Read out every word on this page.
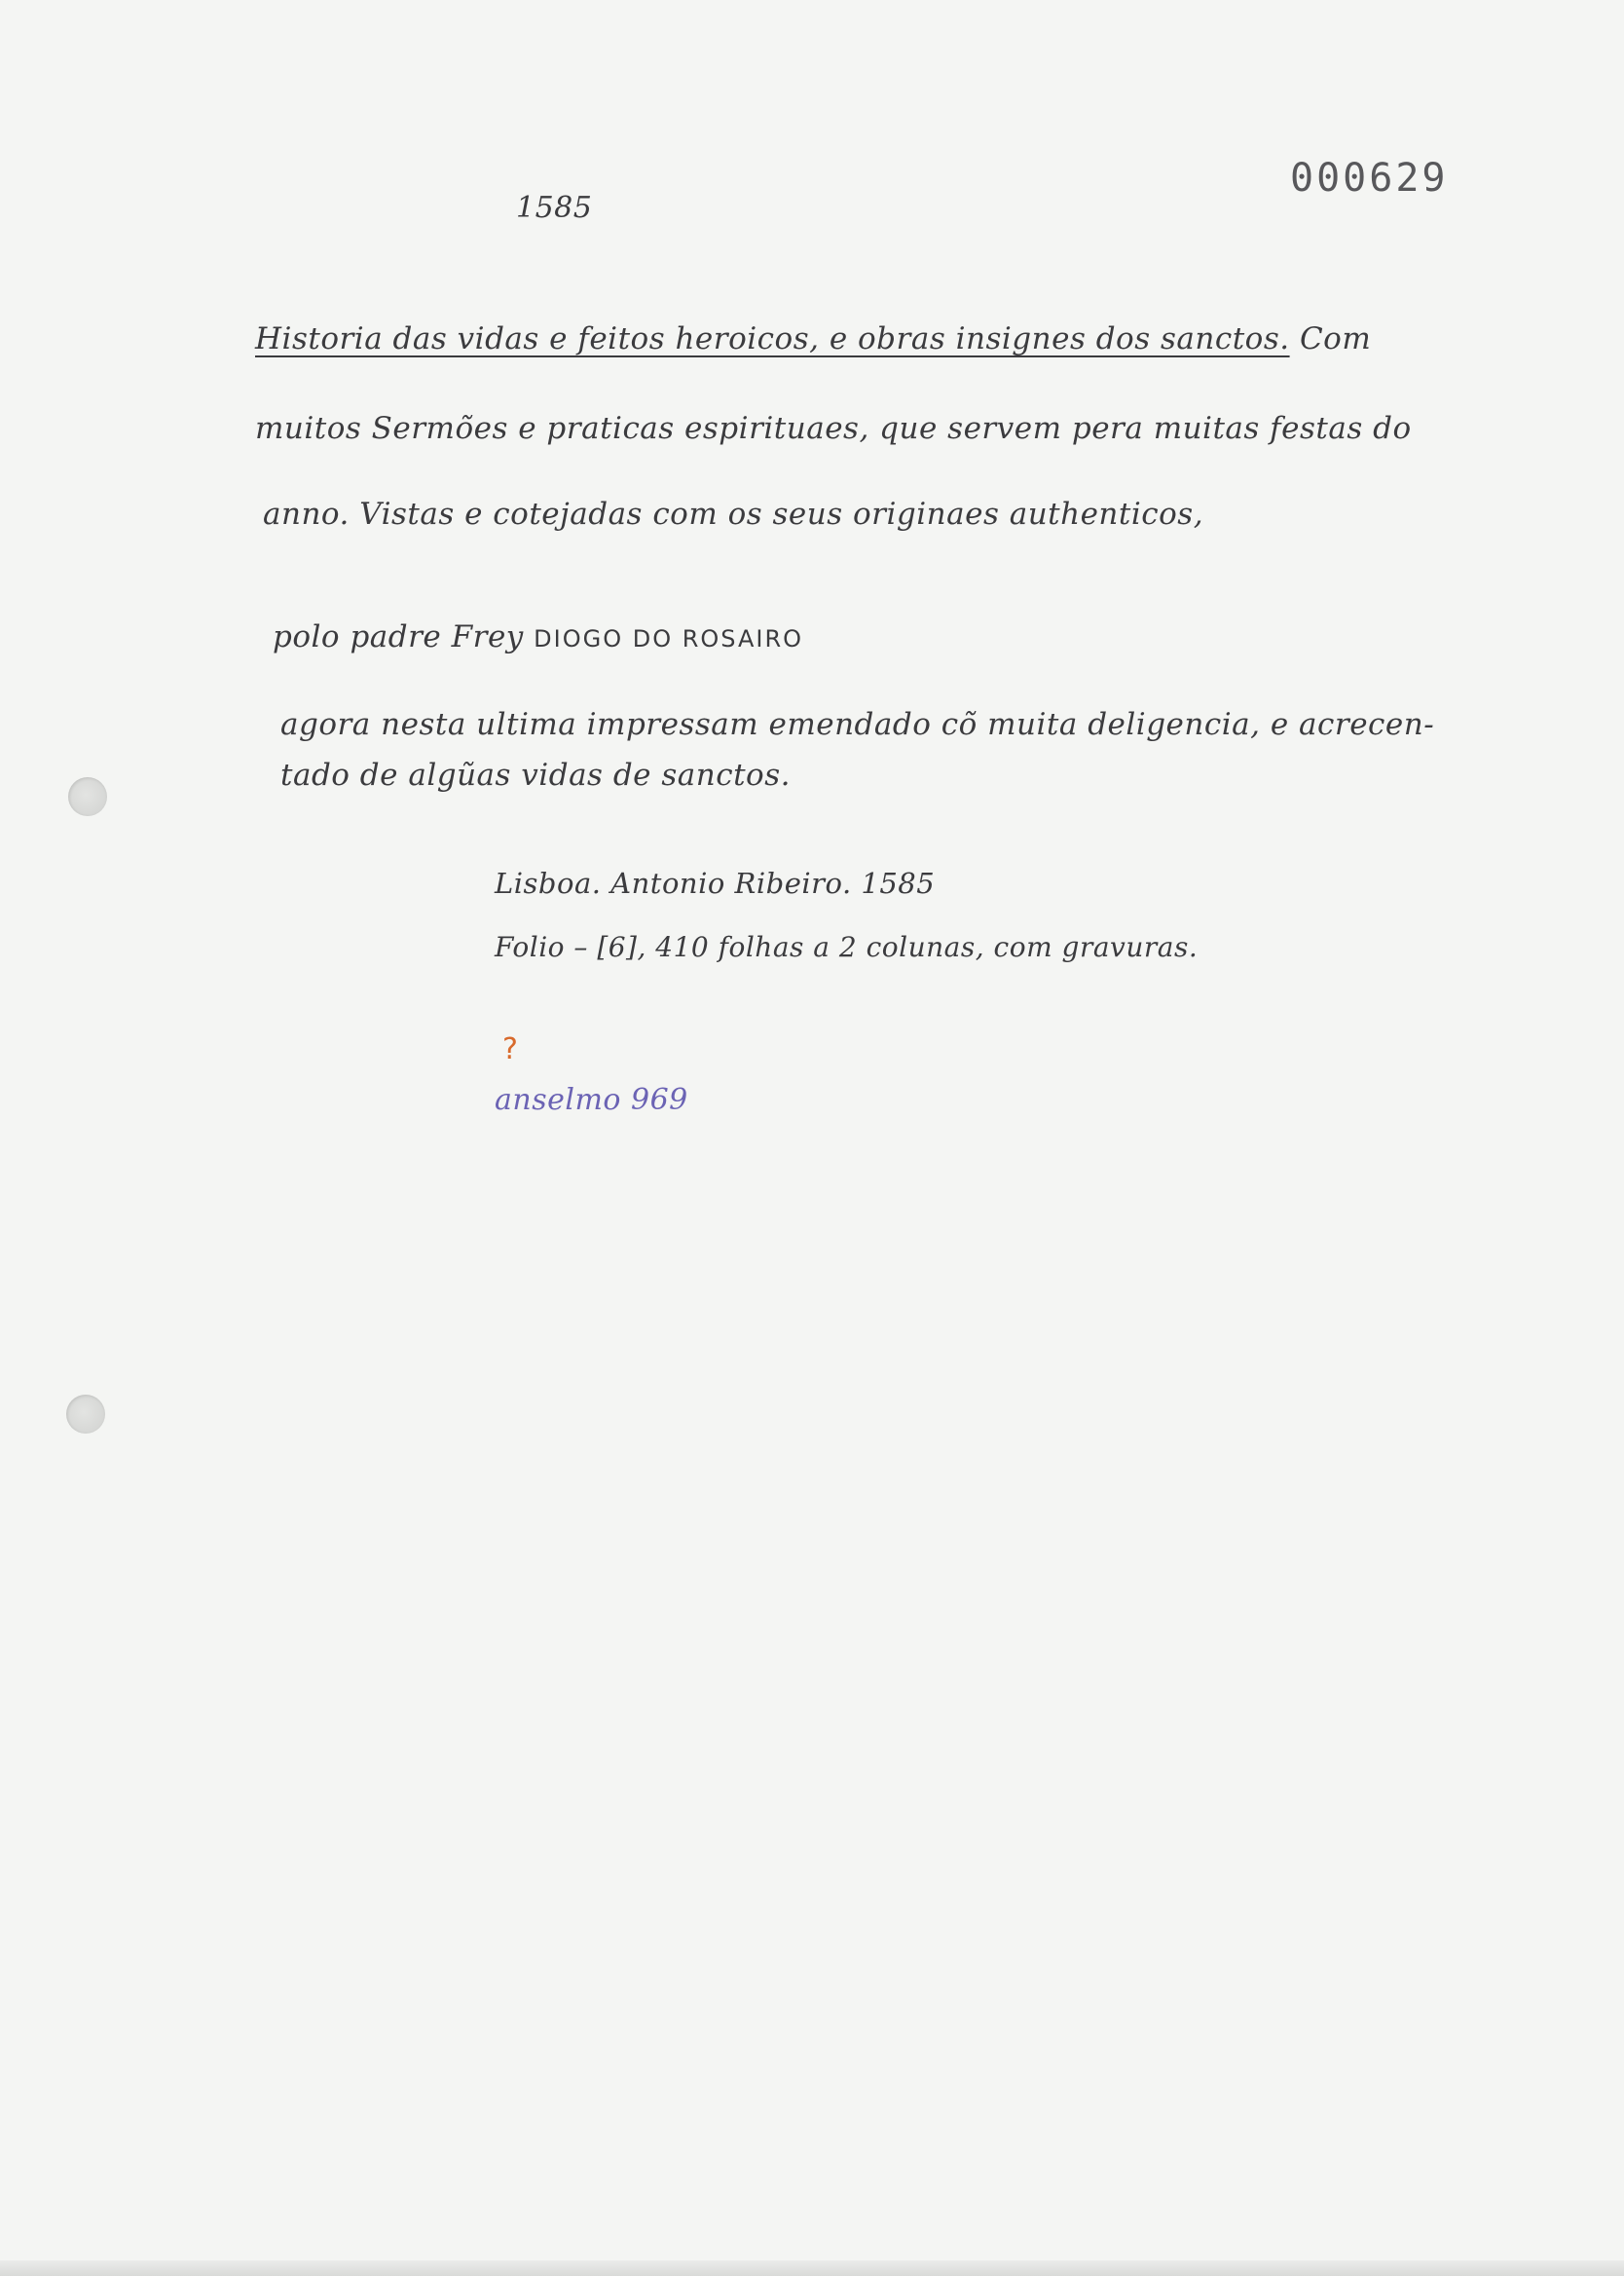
1585
000629
Historia das vidas e feitos heroicos, e obras insignes dos sanctos. Com
muitos Sermões e praticas espirituaes, que servem pera muitas festas do
anno. Vistas e cotejadas com os seus originaes authenticos,
polo padre Frey DIOGO DO ROSAIRO
agora nesta ultima impressam emendado cõ muita deligencia, e acrecen-
tado de algũas vidas de sanctos.
Lisboa. Antonio Ribeiro. 1585
Folio – [6], 410 folhas a 2 colunas, com gravuras.
?
anselmo 969
